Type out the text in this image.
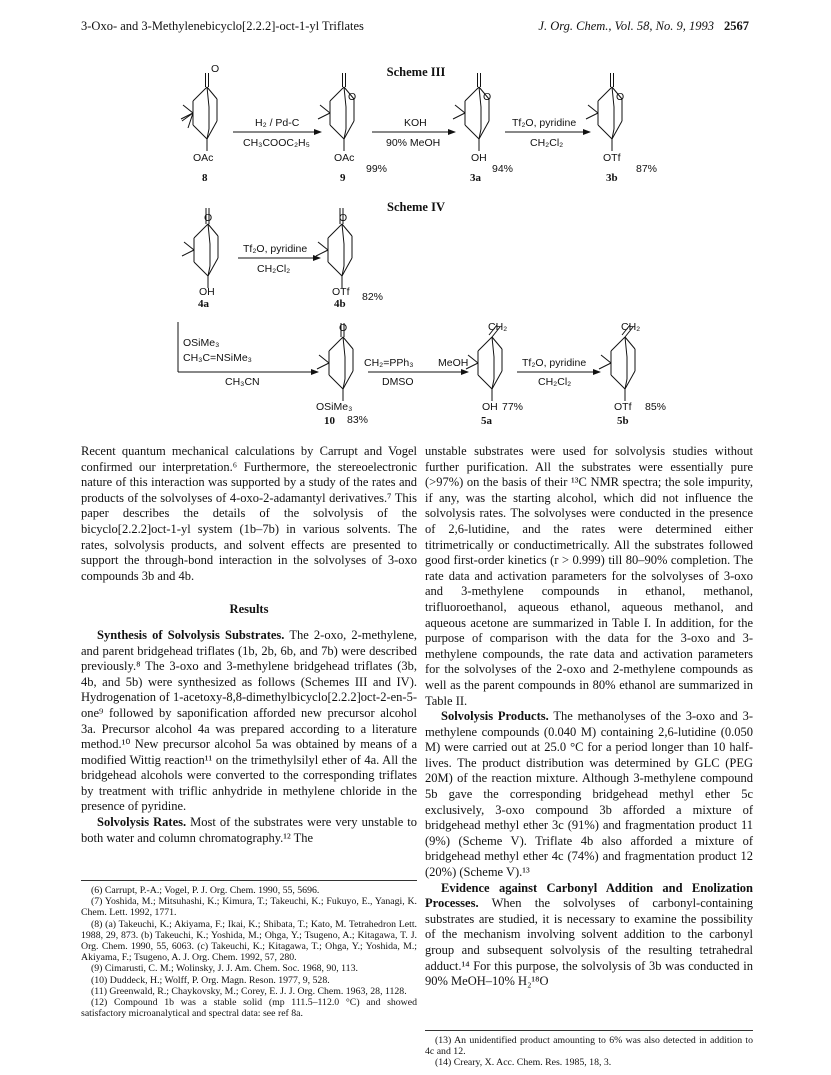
3-Oxo- and 3-Methylenebicyclo[2.2.2]-oct-1-yl Triflates	J. Org. Chem., Vol. 58, No. 9, 1993 2567
Scheme III
Scheme IV
O
OAc
8
H₂ / Pd-C
CH₃COOC₂H₅
O
OAc
99%
9
KOH
90% MeOH
O
OH
94%
3a
Tf₂O, pyridine
CH₂Cl₂
O
OTf
87%
3b
O
OH
4a
Tf₂O, pyridine
CH₂Cl₂
O
OTf 82%
4b
OSiMe₃
CH₃C=NSiMe₃
CH₃CN
O
OSiMe₃
10 83%
CH₂=PPh₃
DMSO
MeOH
CH₂
OH 77%
5a
Tf₂O, pyridine
CH₂Cl₂
CH₂
OTf 85%
5b

Recent quantum mechanical calculations by Carrupt and Vogel confirmed our interpretation.⁶ Furthermore, the stereoelectronic nature of this interaction was supported by a study of the rates and products of the solvolyses of 4-oxo-2-adamantyl derivatives.⁷ This paper describes the details of the solvolysis of the bicyclo[2.2.2]oct-1-yl system (1b–7b) in various solvents. The rates, solvolysis products, and solvent effects are presented to support the through-bond interaction in the solvolyses of 3-oxo compounds 3b and 4b.

Results

Synthesis of Solvolysis Substrates. The 2-oxo, 2-methylene, and parent bridgehead triflates (1b, 2b, 6b, and 7b) were described previously.⁸ The 3-oxo and 3-methylene bridgehead triflates (3b, 4b, and 5b) were synthesized as follows (Schemes III and IV). Hydrogenation of 1-acetoxy-8,8-dimethylbicyclo[2.2.2]oct-2-en-5-one⁹ followed by saponification afforded new precursor alcohol 3a. Precursor alcohol 4a was prepared according to a literature method.¹⁰ New precursor alcohol 5a was obtained by means of a modified Wittig reaction¹¹ on the trimethylsilyl ether of 4a. All the bridgehead alcohols were converted to the corresponding triflates by treatment with triflic anhydride in methylene chloride in the presence of pyridine.

Solvolysis Rates. Most of the substrates were very unstable to both water and column chromatography.¹² The

unstable substrates were used for solvolysis studies without further purification. All the substrates were essentially pure (>97%) on the basis of their ¹³C NMR spectra; the sole impurity, if any, was the starting alcohol, which did not influence the solvolysis rates. The solvolyses were conducted in the presence of 2,6-lutidine, and the rates were determined either titrimetrically or conductimetrically. All the substrates followed good first-order kinetics (r > 0.999) till 80–90% completion. The rate data and activation parameters for the solvolyses of 3-oxo and 3-methylene compounds in ethanol, methanol, trifluoroethanol, aqueous ethanol, aqueous methanol, and aqueous acetone are summarized in Table I. In addition, for the purpose of comparison with the data for the 3-oxo and 3-methylene compounds, the rate data and activation parameters for the solvolyses of the 2-oxo and 2-methylene compounds as well as the parent compounds in 80% ethanol are summarized in Table II.

Solvolysis Products. The methanolyses of the 3-oxo and 3-methylene compounds (0.040 M) containing 2,6-lutidine (0.050 M) were carried out at 25.0 °C for a period longer than 10 half-lives. The product distribution was determined by GLC (PEG 20M) of the reaction mixture. Although 3-methylene compound 5b gave the corresponding bridgehead methyl ether 5c exclusively, 3-oxo compound 3b afforded a mixture of bridgehead methyl ether 3c (91%) and fragmentation product 11 (9%) (Scheme V). Triflate 4b also afforded a mixture of bridgehead methyl ether 4c (74%) and fragmentation product 12 (20%) (Scheme V).¹³

Evidence against Carbonyl Addition and Enolization Processes. When the solvolyses of carbonyl-containing substrates are studied, it is necessary to examine the possibility of the mechanism involving solvent addition to the carbonyl group and subsequent solvolysis of the resulting tetrahedral adduct.¹⁴ For this purpose, the solvolysis of 3b was conducted in 90% MeOH–10% H₂¹⁸O

(6) Carrupt, P.-A.; Vogel, P. J. Org. Chem. 1990, 55, 5696.
(7) Yoshida, M.; Mitsuhashi, K.; Kimura, T.; Takeuchi, K.; Fukuyo, E., Yanagi, K. Chem. Lett. 1992, 1771.
(8) (a) Takeuchi, K.; Akiyama, F.; Ikai, K.; Shibata, T.; Kato, M. Tetrahedron Lett. 1988, 29, 873. (b) Takeuchi, K.; Yoshida, M.; Ohga, Y.; Tsugeno, A.; Kitagawa, T. J. Org. Chem. 1990, 55, 6063. (c) Takeuchi, K.; Kitagawa, T.; Ohga, Y.; Yoshida, M.; Akiyama, F.; Tsugeno, A. J. Org. Chem. 1992, 57, 280.
(9) Cimarusti, C. M.; Wolinsky, J. J. Am. Chem. Soc. 1968, 90, 113.
(10) Duddeck, H.; Wolff, P. Org. Magn. Reson. 1977, 9, 528.
(11) Greenwald, R.; Chaykovsky, M.; Corey, E. J. J. Org. Chem. 1963, 28, 1128.
(12) Compound 1b was a stable solid (mp 111.5–112.0 °C) and showed satisfactory microanalytical and spectral data: see ref 8a.
(13) An unidentified product amounting to 6% was also detected in addition to 4c and 12.
(14) Creary, X. Acc. Chem. Res. 1985, 18, 3.
